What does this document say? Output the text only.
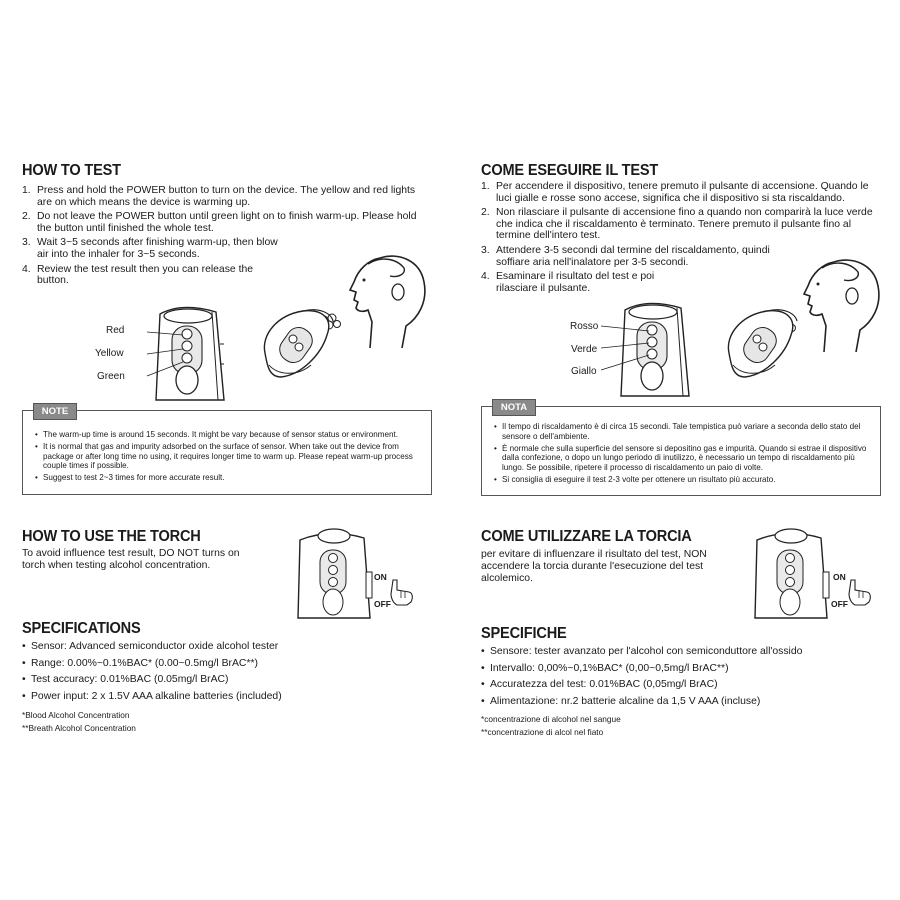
HOW TO TEST
1. Press and hold the POWER button to turn on the device. The yellow and red lights are on which means the device is warming up.
2. Do not leave the POWER button until green light on to finish warm-up. Please hold the button until finished the whole test.
3. Wait 3~5 seconds after finishing warm-up, then blow air into the inhaler for 3~5 seconds.
4. Review the test result then you can release the button.
Red
Yellow
Green
NOTE
• The warm-up time is around 15 seconds. It might be vary because of sensor status or environment.
• It is normal that gas and impurity adsorbed on the surface of sensor. When take out the device from package or after long time no using, it requires longer time to warm up. Please repeat warm-up process couple times if possible.
• Suggest to test 2~3 times for more accurate result.
HOW TO USE THE TORCH
To avoid influence test result, DO NOT turns on torch when testing alcohol concentration.
ON
OFF
SPECIFICATIONS
• Sensor: Advanced semiconductor oxide alcohol tester
• Range: 0.00%~0.1%BAC* (0.00~0.5mg/l BrAC**)
• Test accuracy: 0.01%BAC (0.05mg/l BrAC)
• Power input: 2 x 1.5V AAA alkaline batteries (included)
*Blood Alcohol Concentration
**Breath Alcohol Concentration
COME ESEGUIRE IL TEST
1. Per accendere il dispositivo, tenere premuto il pulsante di accensione. Quando le luci gialle e rosse sono accese, significa che il dispositivo si sta riscaldando.
2. Non rilasciare il pulsante di accensione fino a quando non comparirà la luce verde che indica che il riscaldamento è terminato. Tenere premuto il pulsante fino al termine dell'intero test.
3. Attendere 3-5 secondi dal termine del riscaldamento, quindi soffiare aria nell'inalatore per 3-5 secondi.
4. Esaminare il risultato del test e poi rilasciare il pulsante.
Rosso
Verde
Giallo
NOTA
• Il tempo di riscaldamento è di circa 15 secondi. Tale tempistica può variare a seconda dello stato del sensore o dell'ambiente.
• È normale che sulla superficie del sensore si depositino gas e impurità. Quando si estrae il dispositivo dalla confezione, o dopo un lungo periodo di inutilizzo, è necessario un tempo di riscaldamento più lungo. Se possibile, ripetere il processo di riscaldamento un paio di volte.
• Si consiglia di eseguire il test 2-3 volte per ottenere un risultato più accurato.
COME UTILIZZARE LA TORCIA
per evitare di influenzare il risultato del test, NON accendere la torcia durante l'esecuzione del test alcolemico.	ON
OFF
SPECIFICHE
• Sensore: tester avanzato per l'alcohol con semiconduttore all'ossido
• Intervallo: 0,00%~0,1%BAC* (0,00~0,5mg/l BrAC**)
• Accuratezza del test: 0.01%BAC (0,05mg/l BrAC)
• Alimentazione: nr.2 batterie alcaline da 1,5 V AAA (incluse)
*concentrazione di alcohol nel sangue
**concentrazione di alcol nel fiato
